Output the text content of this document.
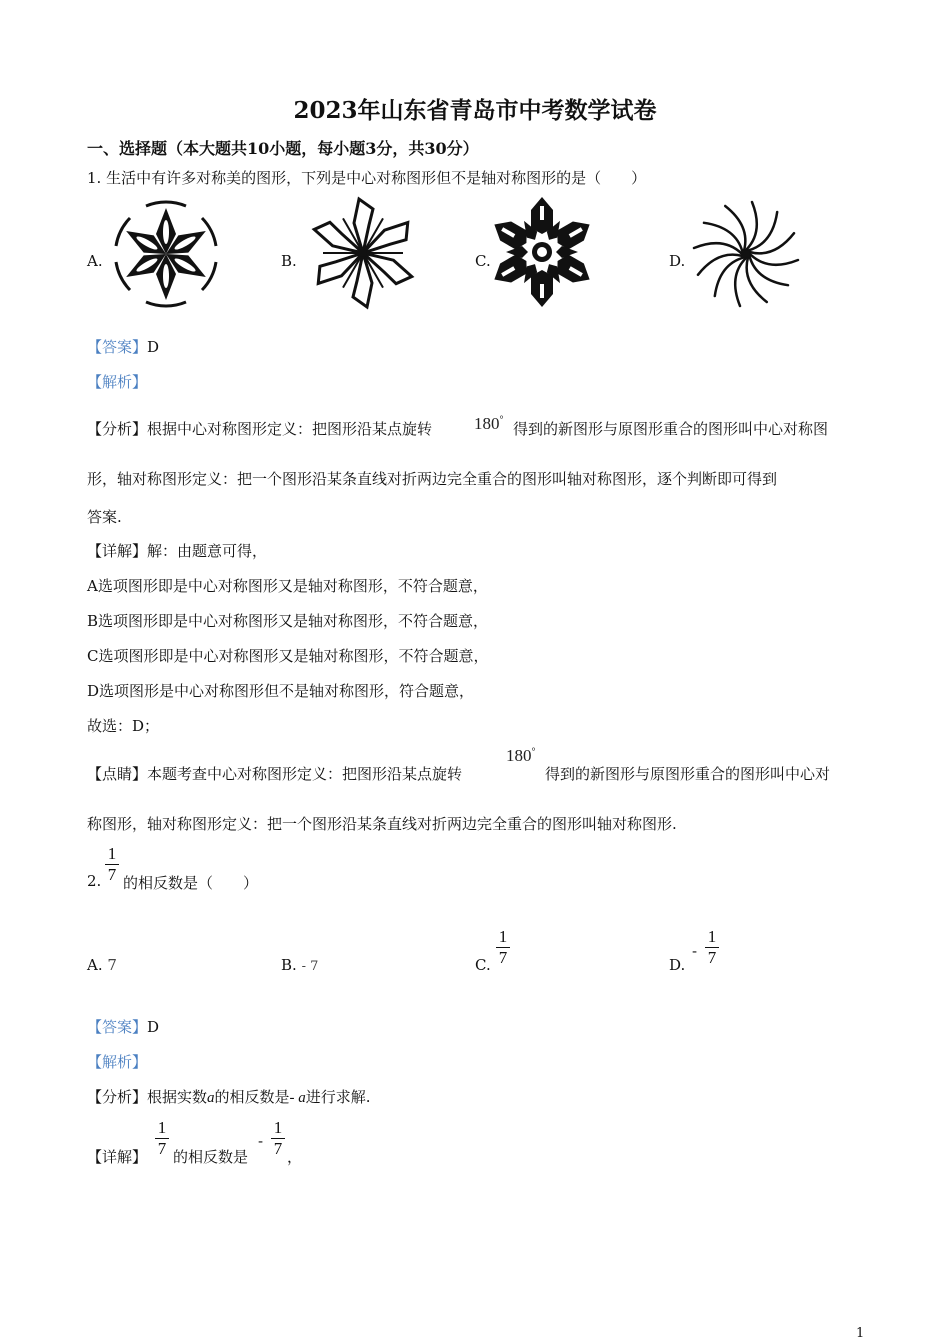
2023年山东省青岛市中考数学试卷
一、选择题（本大题共10小题，每小题3分，共30分）
1. 生活中有许多对称美的图形，下列是中心对称图形但不是轴对称图形的是（　　）
A.	B.	C.	D.
【答案】D
【解析】
【分析】根据中心对称图形定义：把图形沿某点旋转 180°
得到的新图形与原图形重合的图形叫中心对称图
形，轴对称图形定义：把一个图形沿某条直线对折两边完全重合的图形叫轴对称图形，逐个判断即可得到
答案.
【详解】解：由题意可得，
A选项图形即是中心对称图形又是轴对称图形，不符合题意，
B选项图形即是中心对称图形又是轴对称图形，不符合题意，
C选项图形即是中心对称图形又是轴对称图形，不符合题意，
D选项图形是中心对称图形但不是轴对称图形，符合题意，
故选：D；
【点睛】本题考查中心对称图形定义：把图形沿某点旋转
180°
得到的新图形与原图形重合的图形叫中心对
称图形，轴对称图形定义：把一个图形沿某条直线对折两边完全重合的图形叫轴对称图形.
2.
1
7 的相反数是（　　）
A. 7	B. - 7	C.
1
7	D.
-
1
7
【答案】D
【解析】
【分析】根据实数a的相反数是- a进行求解.
【详解】
1
7 的相反数是
-
1
7 ，
1
